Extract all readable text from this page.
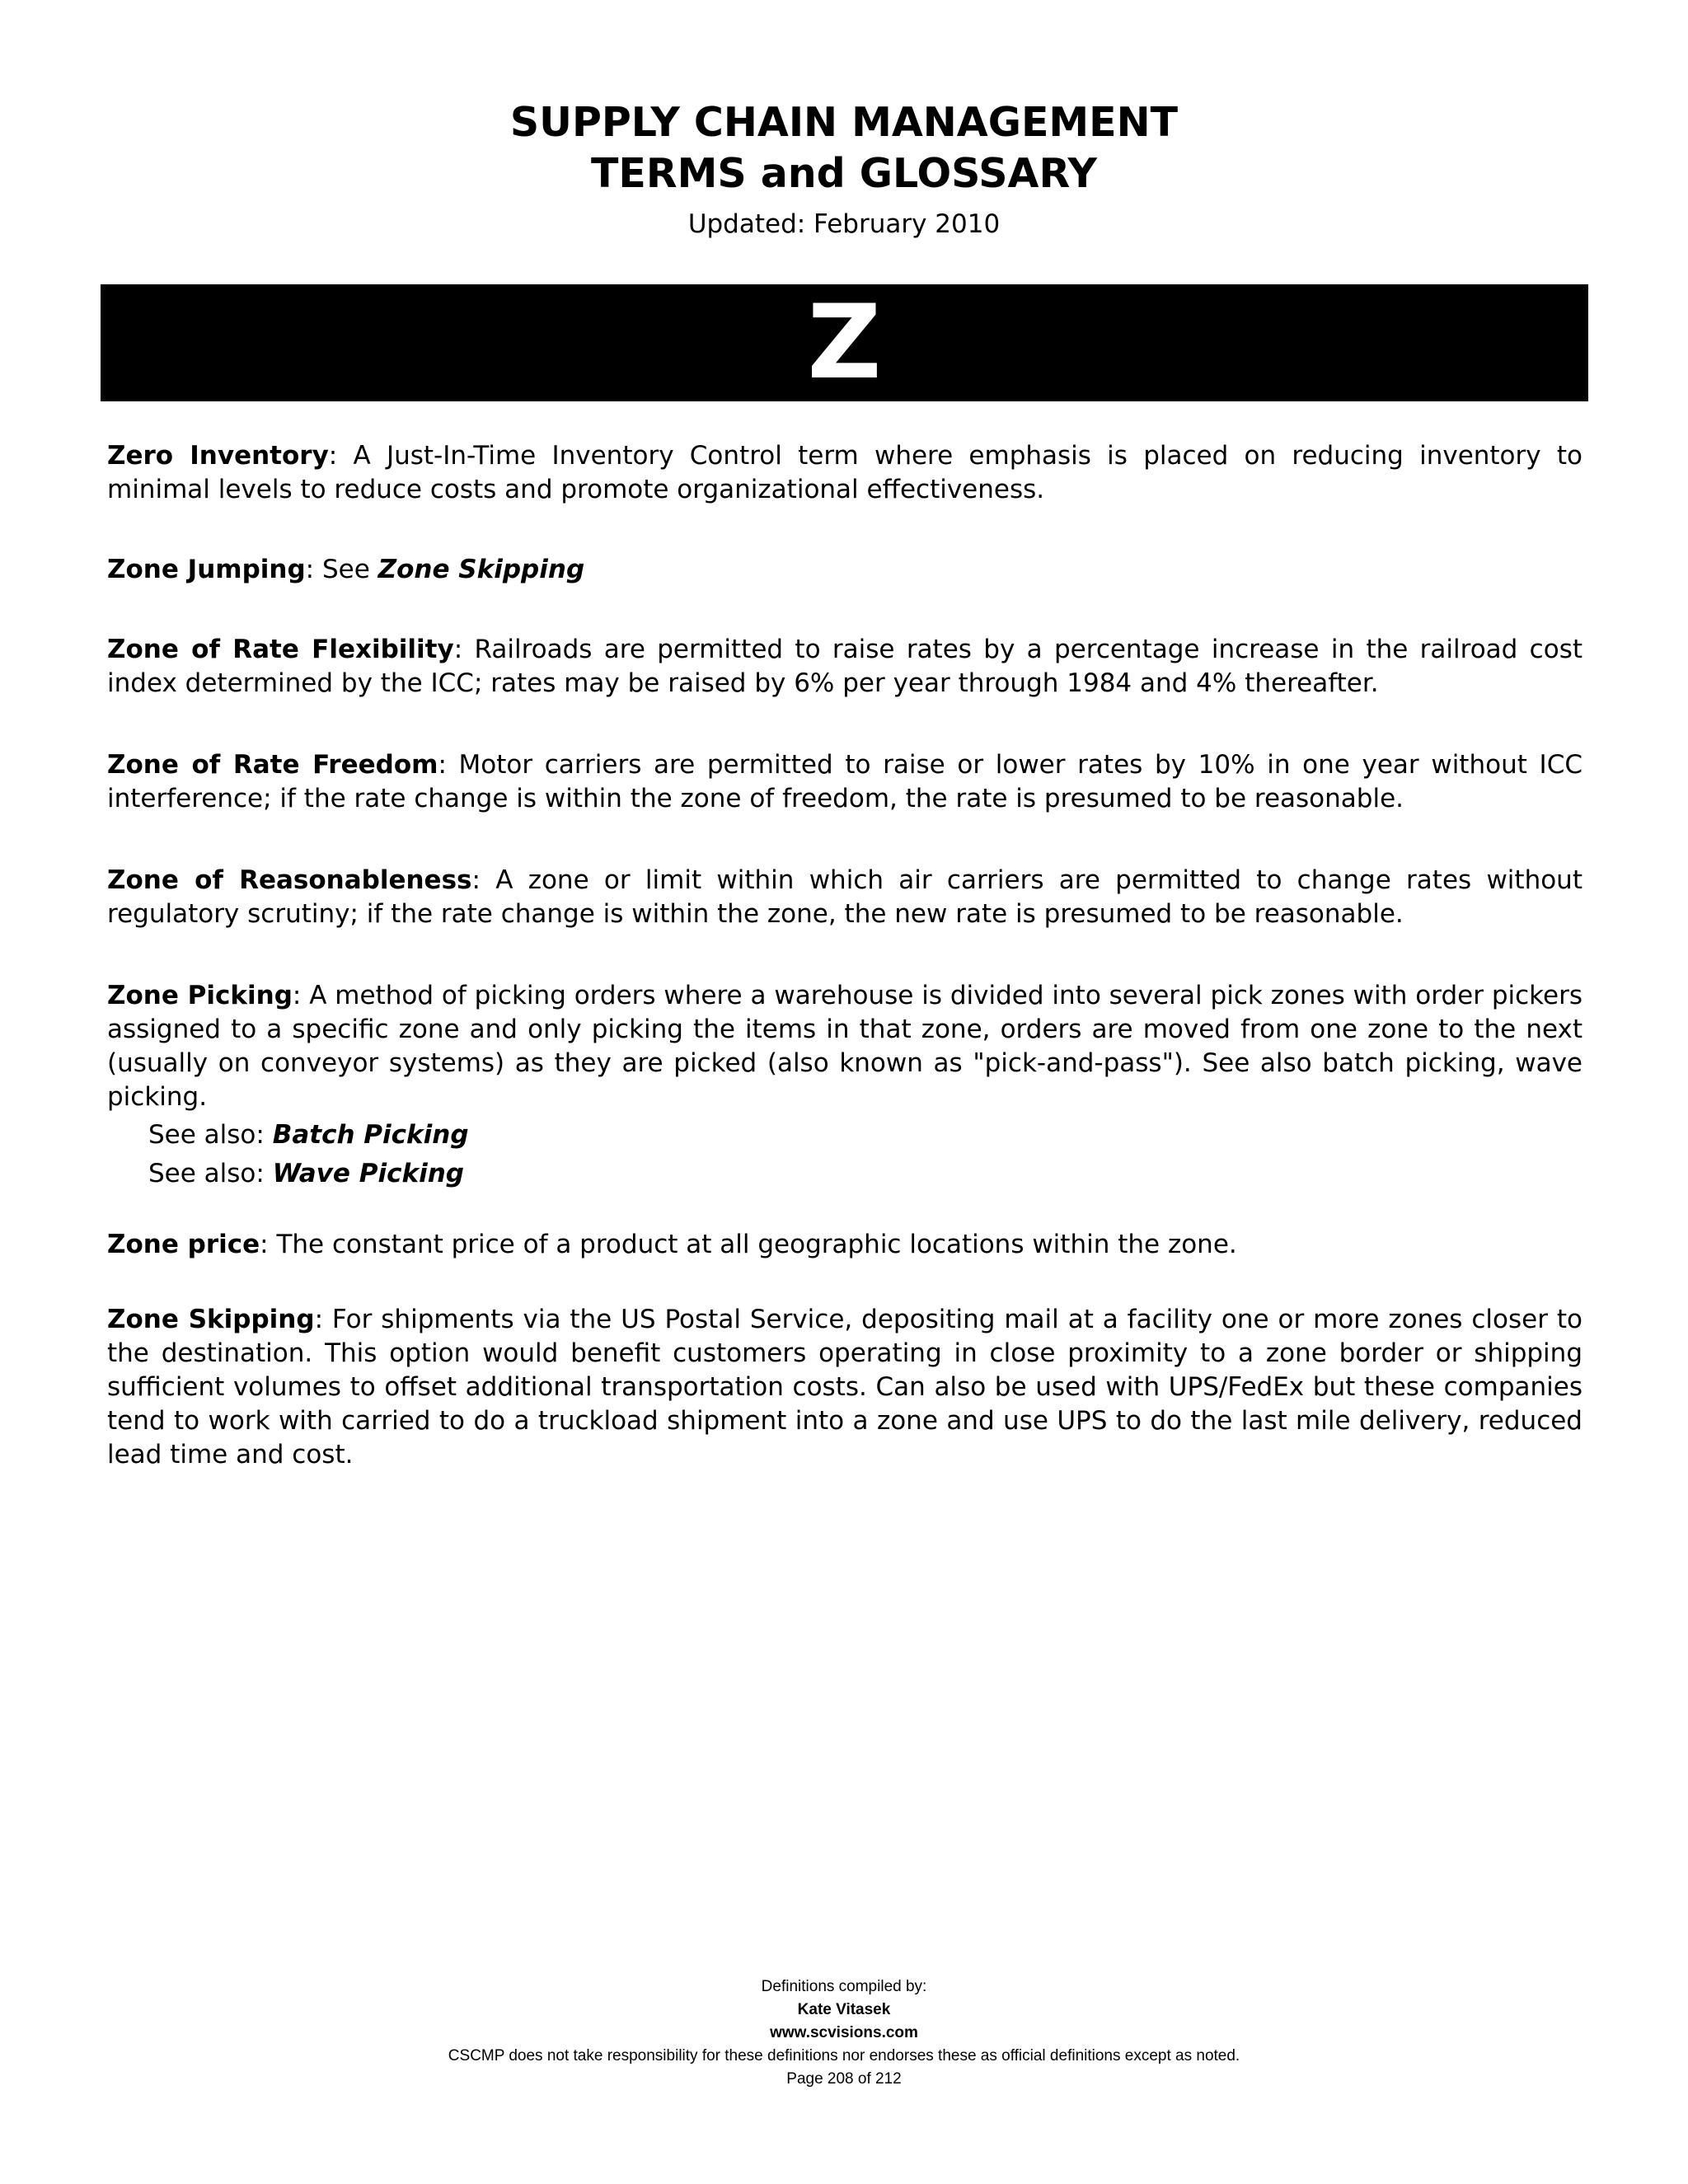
SUPPLY CHAIN MANAGEMENT
TERMS and GLOSSARY
Updated: February 2010
Z

Zero Inventory: A Just-In-Time Inventory Control term where emphasis is placed on reducing inventory to minimal levels to reduce costs and promote organizational effectiveness.

Zone Jumping: See Zone Skipping

Zone of Rate Flexibility: Railroads are permitted to raise rates by a percentage increase in the railroad cost index determined by the ICC; rates may be raised by 6% per year through 1984 and 4% thereafter.

Zone of Rate Freedom: Motor carriers are permitted to raise or lower rates by 10% in one year without ICC interference; if the rate change is within the zone of freedom, the rate is presumed to be reasonable.

Zone of Reasonableness: A zone or limit within which air carriers are permitted to change rates without regulatory scrutiny; if the rate change is within the zone, the new rate is presumed to be reasonable.

Zone Picking: A method of picking orders where a warehouse is divided into several pick zones with order pickers assigned to a specific zone and only picking the items in that zone, orders are moved from one zone to the next (usually on conveyor systems) as they are picked (also known as "pick-and-pass"). See also batch picking, wave picking.

See also: Batch Picking
See also: Wave Picking

Zone price: The constant price of a product at all geographic locations within the zone.

Zone Skipping: For shipments via the US Postal Service, depositing mail at a facility one or more zones closer to the destination. This option would benefit customers operating in close proximity to a zone border or shipping sufficient volumes to offset additional transportation costs. Can also be used with UPS/FedEx but these companies tend to work with carried to do a truckload shipment into a zone and use UPS to do the last mile delivery, reduced lead time and cost.

Definitions compiled by:
Kate Vitasek
www.scvisions.com
CSCMP does not take responsibility for these definitions nor endorses these as official definitions except as noted.
Page 208 of 212
